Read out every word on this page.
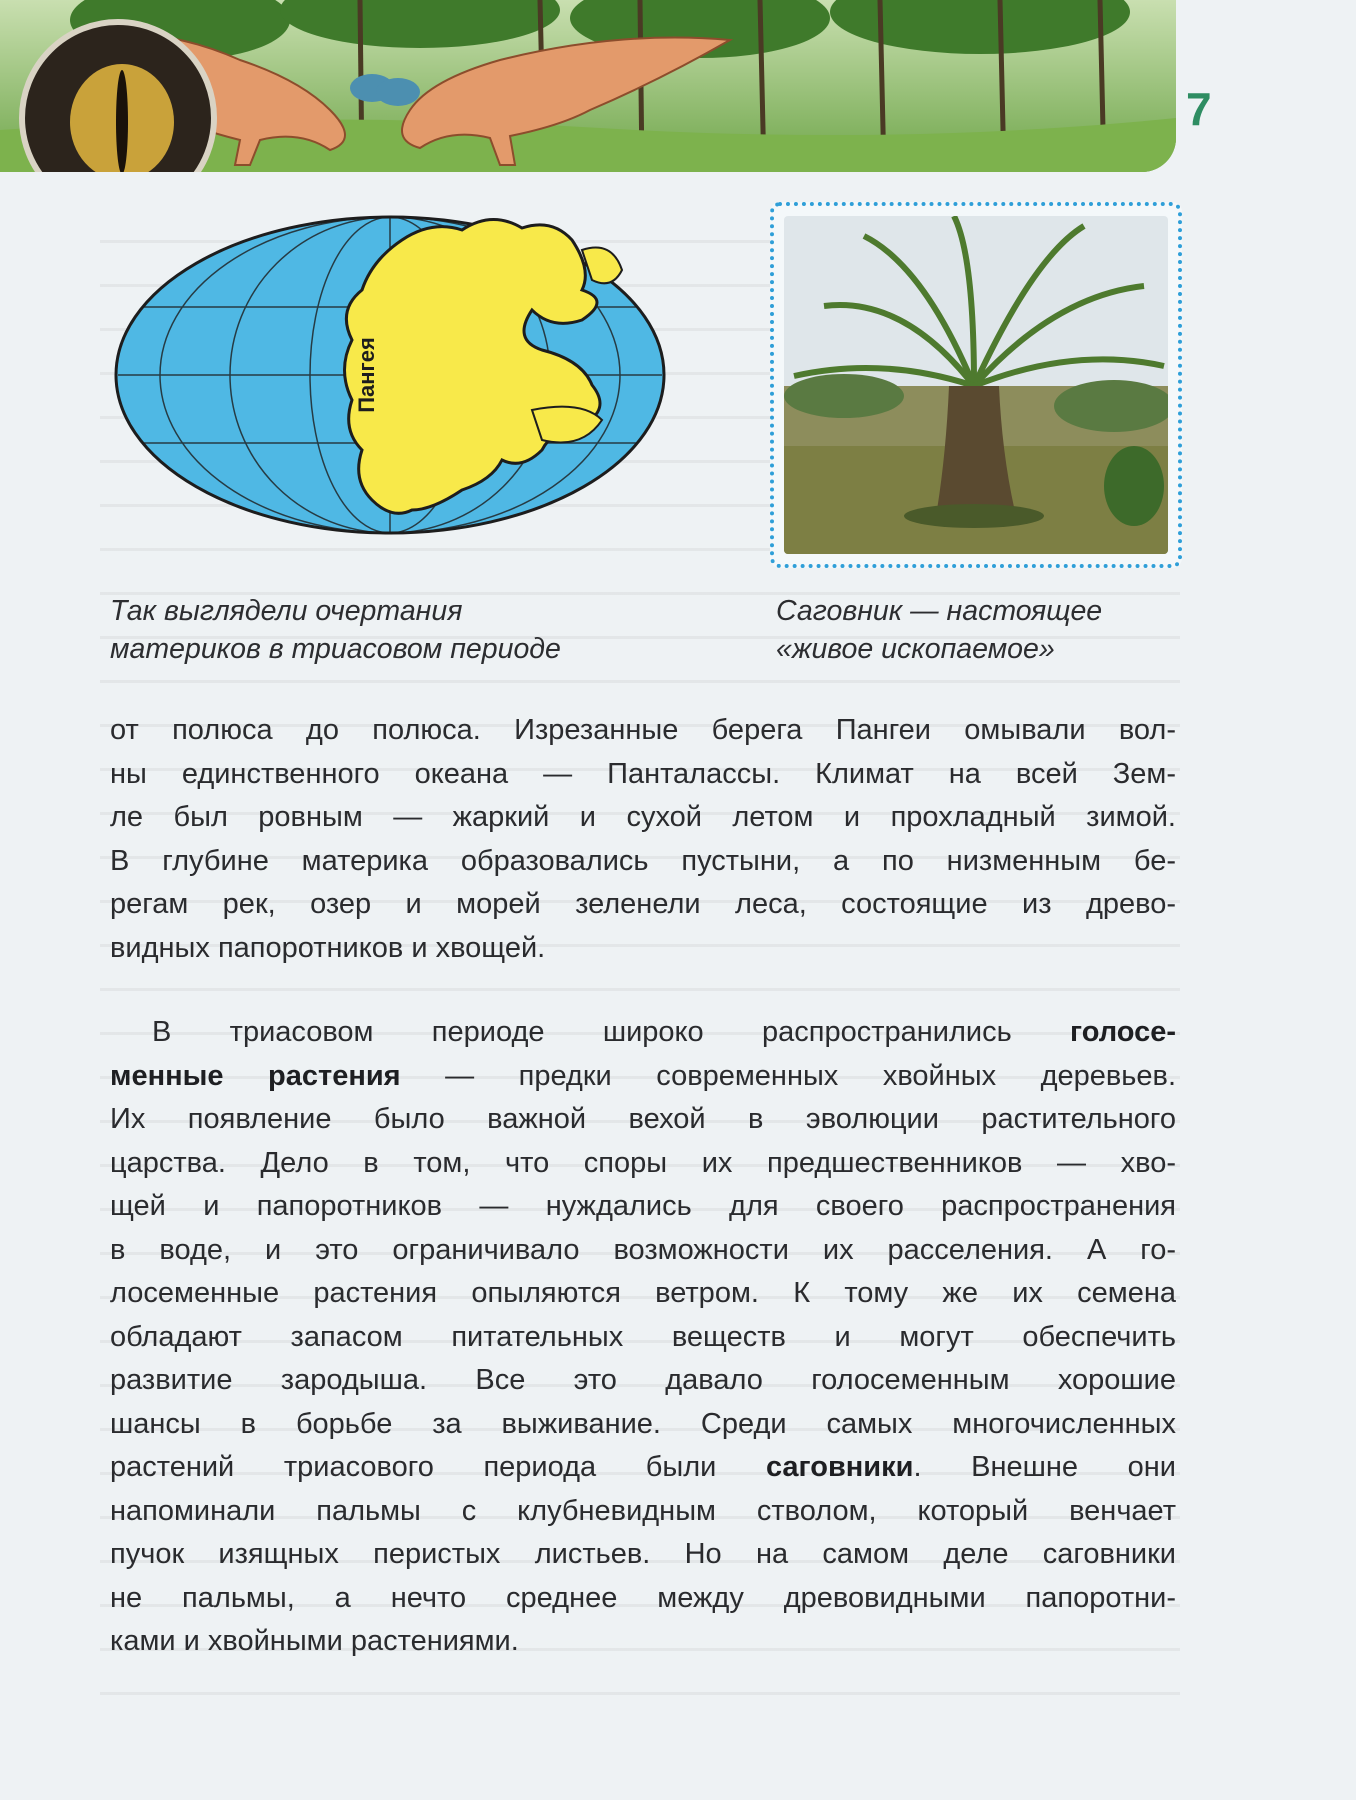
7
Пангея
Так выглядели очертания
материков в триасовом периоде
Саговник — настоящее
«живое ископаемое»
от полюса до полюса. Изрезанные берега Пангеи омывали вол-
ны единственного океана — Панталассы. Климат на всей Зем-
ле был ровным — жаркий и сухой летом и прохладный зимой.
В глубине материка образовались пустыни, а по низменным бе-
регам рек, озер и морей зеленели леса, состоящие из древо-
видных папоротников и хвощей.
В триасовом периоде широко распространились голосе-
менные растения — предки современных хвойных деревьев.
Их появление было важной вехой в эволюции растительного
царства. Дело в том, что споры их предшественников — хво-
щей и папоротников — нуждались для своего распространения
в воде, и это ограничивало возможности их расселения. А го-
лосеменные растения опыляются ветром. К тому же их семена
обладают запасом питательных веществ и могут обеспечить
развитие зародыша. Все это давало голосеменным хорошие
шансы в борьбе за выживание. Среди самых многочисленных
растений триасового периода были саговники. Внешне они
напоминали пальмы с клубневидным стволом, который венчает
пучок изящных перистых листьев. Но на самом деле саговники
не пальмы, а нечто среднее между древовидными папоротни-
ками и хвойными растениями.
